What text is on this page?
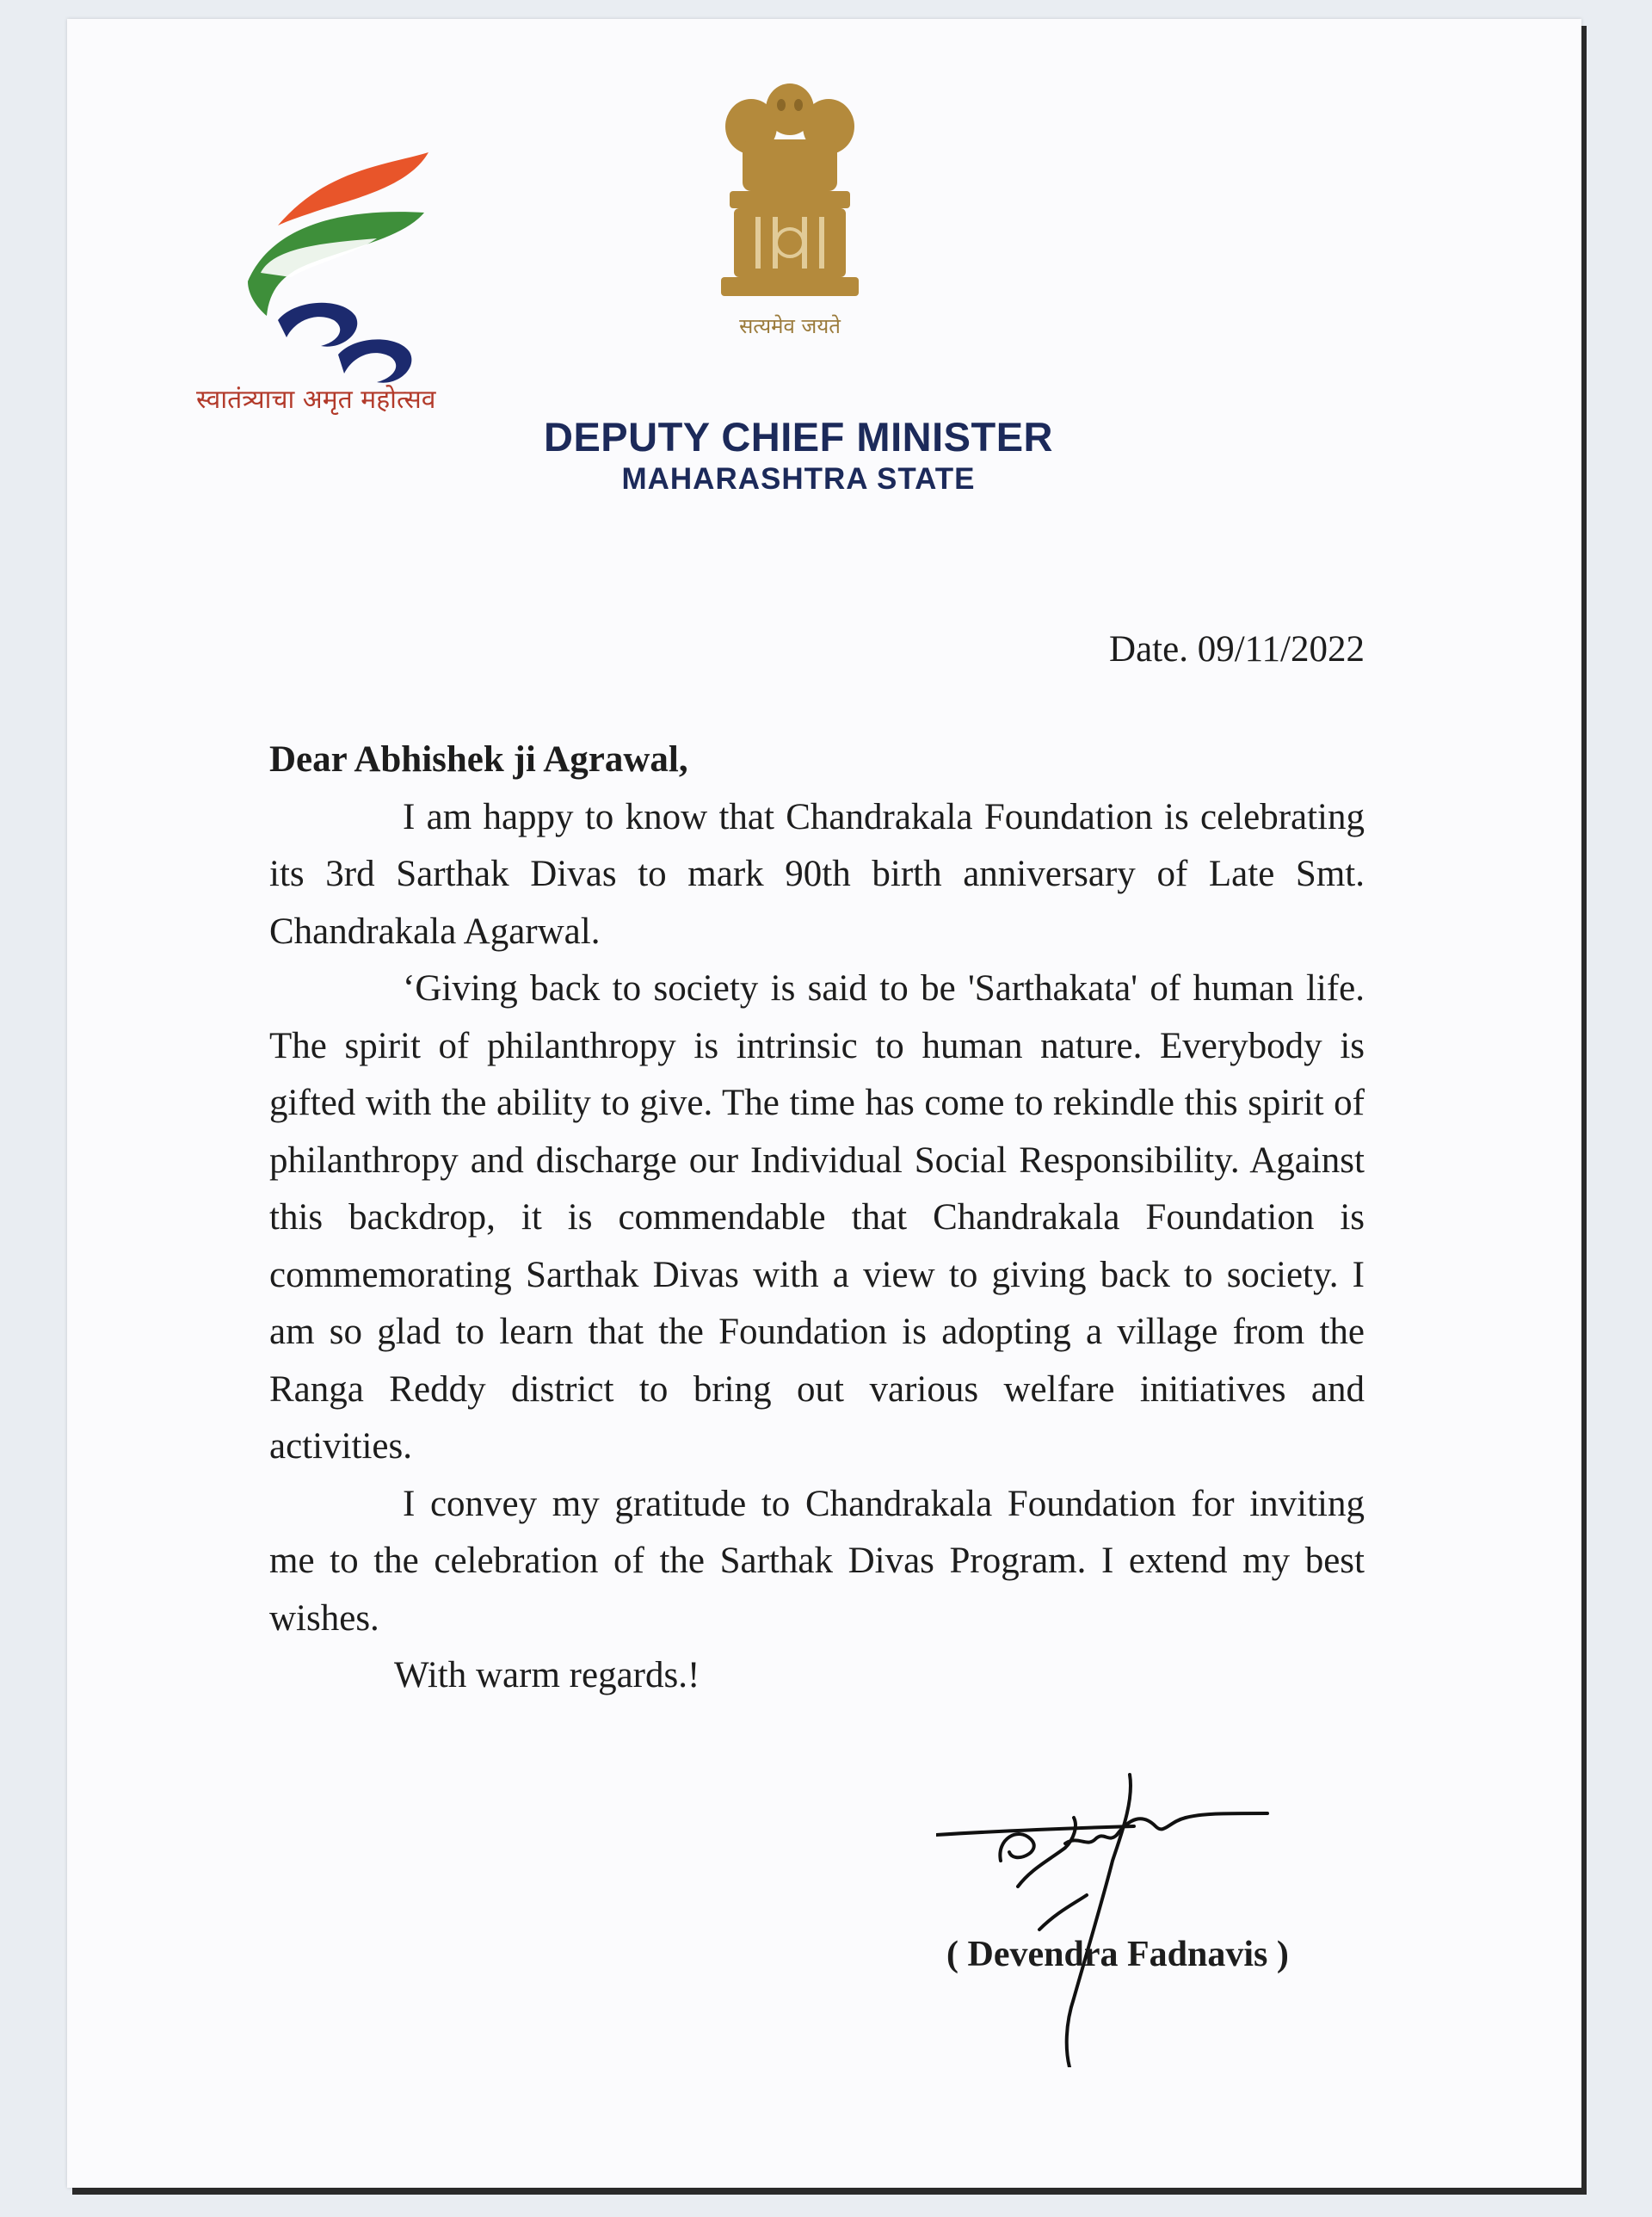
स्वातंत्र्याचा अमृत महोत्सव
सत्यमेव जयते
DEPUTY CHIEF MINISTER
MAHARASHTRA STATE
Date. 09/11/2022

Dear Abhishek ji Agrawal,

I am happy to know that Chandrakala Foundation is celebrating its 3rd Sarthak Divas to mark 90th birth anniversary of Late Smt. Chandrakala Agarwal.

‘Giving back to society is said to be 'Sarthakata' of human life. The spirit of philanthropy is intrinsic to human nature. Everybody is gifted with the ability to give. The time has come to rekindle this spirit of philanthropy and discharge our Individual Social Responsibility. Against this backdrop, it is commendable that Chandrakala Foundation is commemorating Sarthak Divas with a view to giving back to society. I am so glad to learn that the Foundation is adopting a village from the Ranga Reddy district to bring out various welfare initiatives and activities.

I convey my gratitude to Chandrakala Foundation for inviting me to the celebration of the Sarthak Divas Program. I extend my best wishes.

With warm regards.!

( Devendra Fadnavis )
